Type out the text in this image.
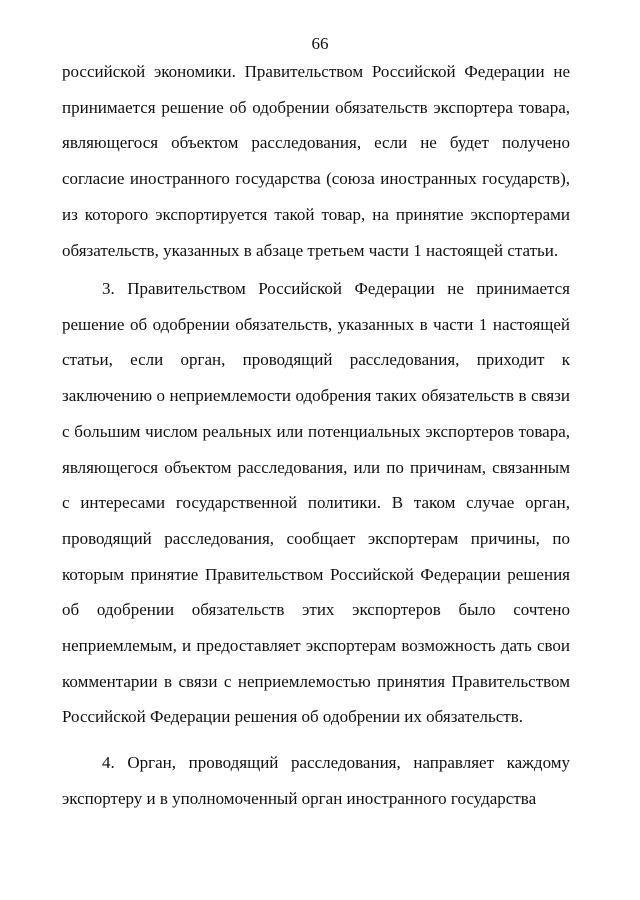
66

российской экономики. Правительством Российской Федерации не принимается решение об одобрении обязательств экспортера товара, являющегося объектом расследования, если не будет получено согласие иностранного государства (союза иностранных государств), из которого экспортируется такой товар, на принятие экспортерами обязательств, указанных в абзаце третьем части 1 настоящей статьи.

3. Правительством Российской Федерации не принимается решение об одобрении обязательств, указанных в части 1 настоящей статьи, если орган, проводящий расследования, приходит к заключению о неприемлемости одобрения таких обязательств в связи с большим числом реальных или потенциальных экспортеров товара, являющегося объектом расследования, или по причинам, связанным с интересами государственной политики. В таком случае орган, проводящий расследования, сообщает экспортерам причины, по которым принятие Правительством Российской Федерации решения об одобрении обязательств этих экспортеров было сочтено неприемлемым, и предоставляет экспортерам возможность дать свои комментарии в связи с неприемлемостью принятия Правительством Российской Федерации решения об одобрении их обязательств.

4. Орган, проводящий расследования, направляет каждому экспортеру и в уполномоченный орган иностранного государства
